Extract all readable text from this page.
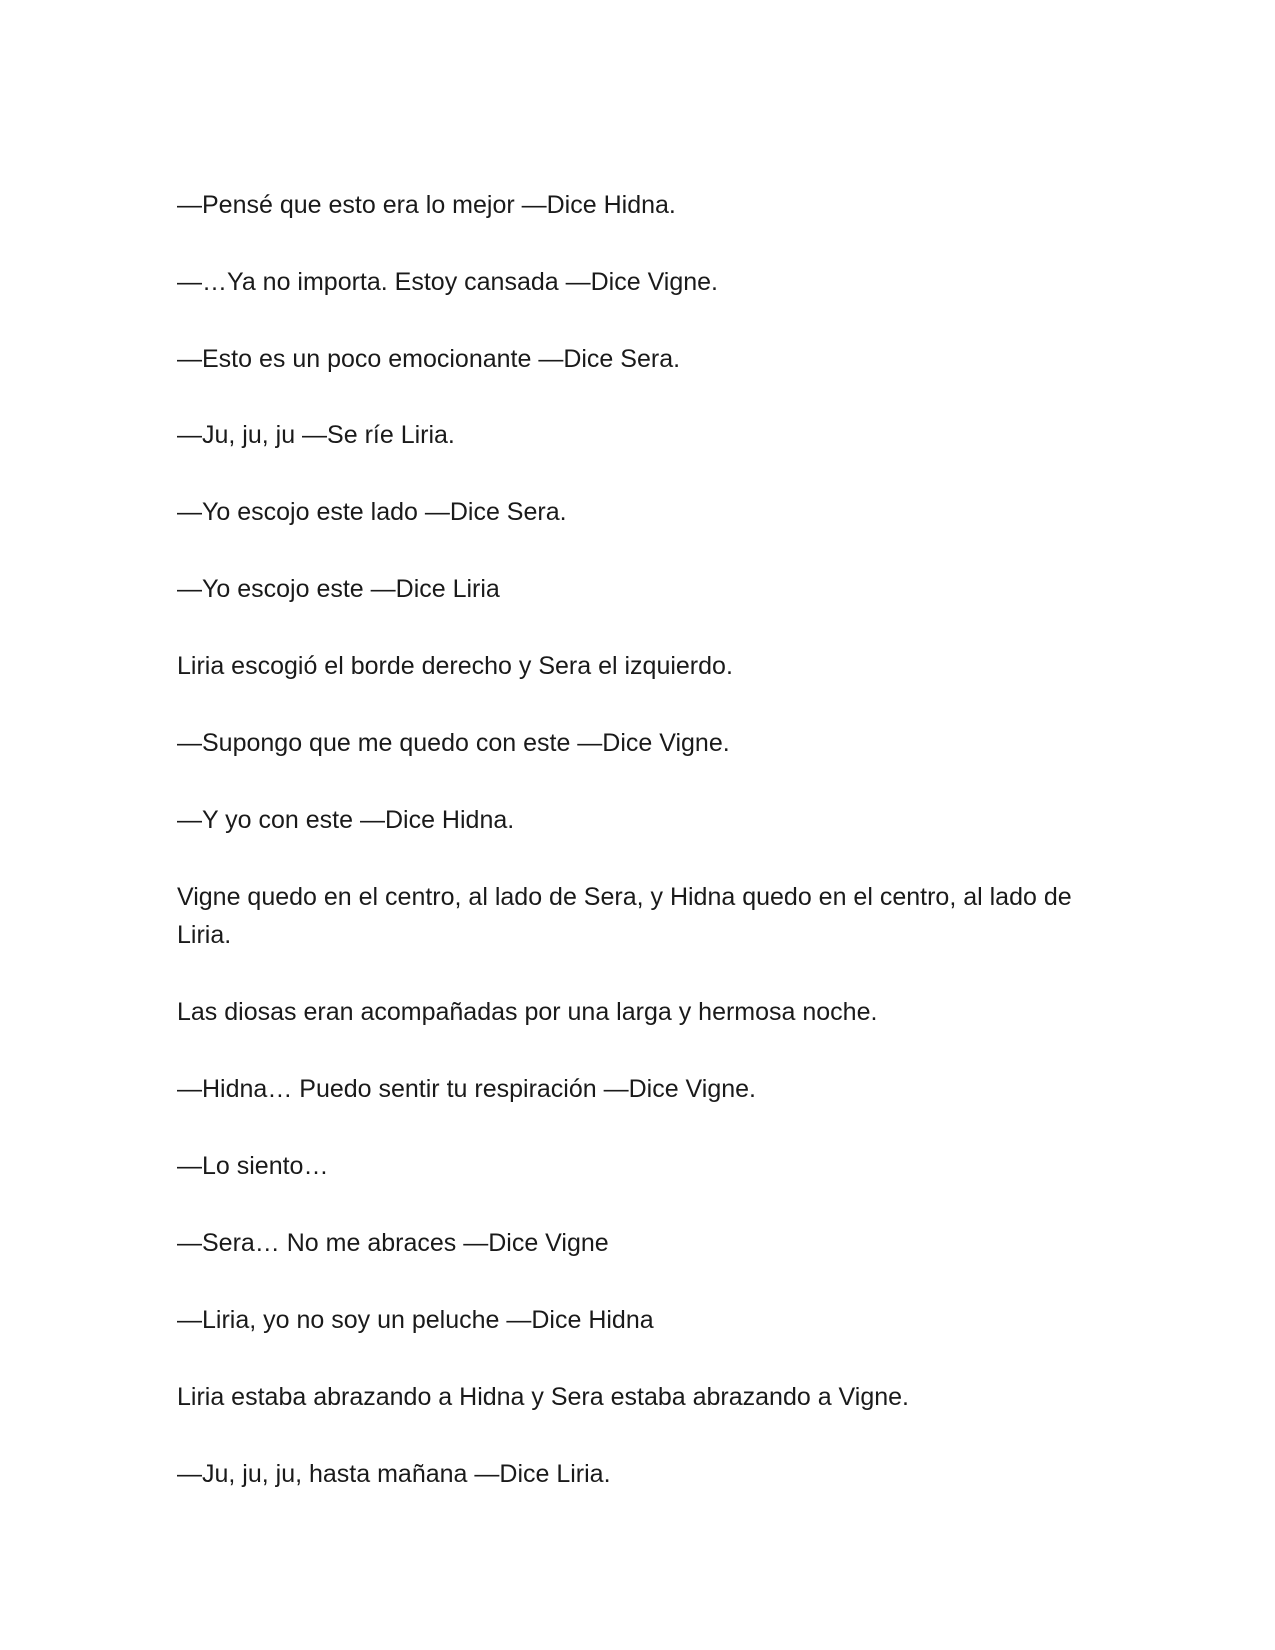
—Pensé que esto era lo mejor —Dice Hidna.

—…Ya no importa. Estoy cansada —Dice Vigne.

—Esto es un poco emocionante —Dice Sera.

—Ju, ju, ju —Se ríe Liria.

—Yo escojo este lado —Dice Sera.

—Yo escojo este —Dice Liria

Liria escogió el borde derecho y Sera el izquierdo.

—Supongo que me quedo con este —Dice Vigne.

—Y yo con este —Dice Hidna.

Vigne quedo en el centro, al lado de Sera, y Hidna quedo en el centro, al lado de Liria.

Las diosas eran acompañadas por una larga y hermosa noche.

—Hidna… Puedo sentir tu respiración —Dice Vigne.

—Lo siento…

—Sera… No me abraces —Dice Vigne

—Liria, yo no soy un peluche —Dice Hidna

Liria estaba abrazando a Hidna y Sera estaba abrazando a Vigne.

—Ju, ju, ju, hasta mañana —Dice Liria.
